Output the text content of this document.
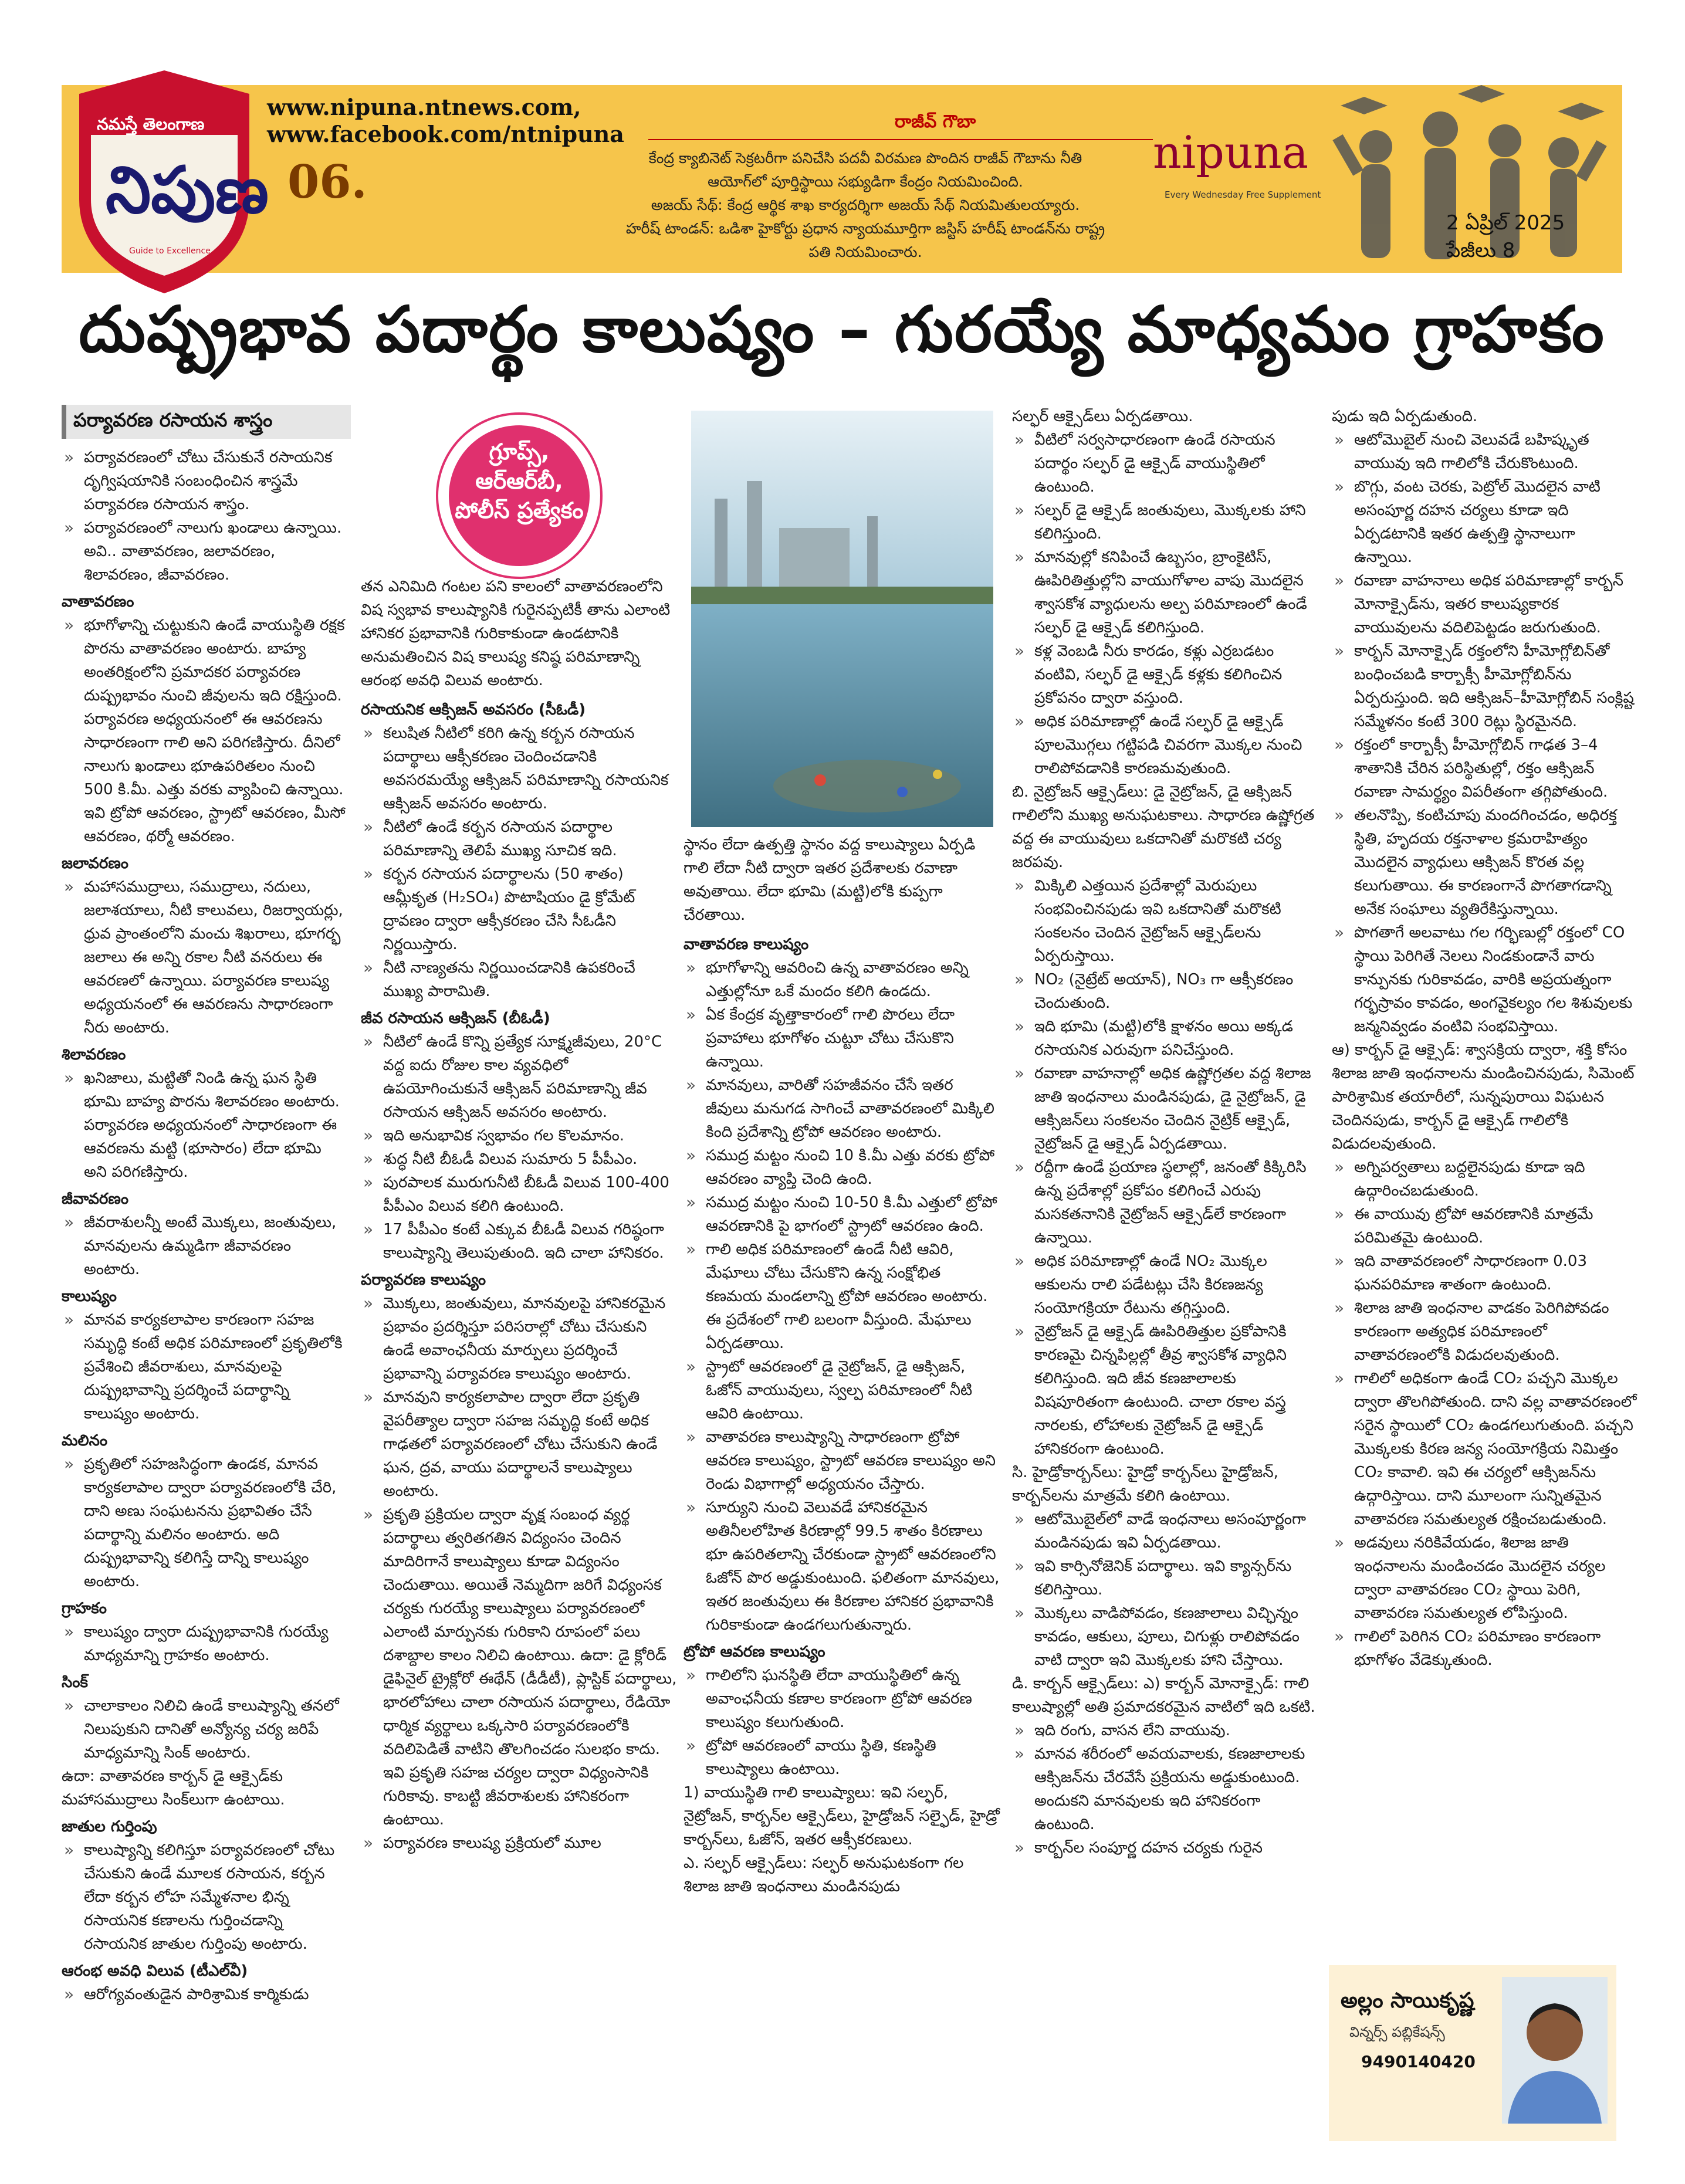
నమస్తే తెలంగాణ
నిపుణ
Guide to Excellence
06.
www.nipuna.ntnews.com,
www.facebook.com/ntnipuna	రాజీవ్ గౌబా
కేంద్ర క్యాబినెట్ సెక్రటరీగా పనిచేసి పదవీ విరమణ పొందిన రాజీవ్ గౌబాను నీతి
ఆయోగ్‌లో పూర్తిస్థాయి సభ్యుడిగా కేంద్రం నియమించింది.
అజయ్ సేథ్: కేంద్ర ఆర్థిక శాఖ కార్యదర్శిగా అజయ్ సేథ్ నియమితులయ్యారు.
హరీష్ టాండన్: ఒడిశా హైకోర్టు ప్రధాన న్యాయమూర్తిగా జస్టిస్ హరీష్ టాండన్‌ను రాష్ట్ర
పతి నియమించారు.
nipuna
Every Wednesday Free Supplement
2 ఏప్రిల్ 2025
పేజీలు 8
దుష్ప్రభావ పదార్థం కాలుష్యం – గురయ్యే మాధ్యమం గ్రాహకం
పర్యావరణ రసాయన శాస్త్రం
» పర్యావరణంలో చోటు చేసుకునే రసాయనిక దృగ్విషయానికి సంబంధించిన శాస్త్రమే పర్యావరణ రసాయన శాస్త్రం.
» పర్యావరణంలో నాలుగు ఖండాలు ఉన్నాయి. అవి.. వాతావరణం, జలావరణం, శిలావరణం, జీవావరణం.
వాతావరణం
» భూగోళాన్ని చుట్టుకుని ఉండే వాయుస్థితి రక్షక పొరను వాతావరణం అంటారు. బాహ్య అంతరిక్షంలోని ప్రమాదకర పర్యావరణ దుష్ప్రభావం నుంచి జీవులను ఇది రక్షిస్తుంది. పర్యావరణ అధ్యయనంలో ఈ ఆవరణను సాధారణంగా గాలి అని పరిగణిస్తారు. దీనిలో నాలుగు ఖండాలు భూఉపరితలం నుంచి 500 కి.మీ. ఎత్తు వరకు వ్యాపించి ఉన్నాయి. ఇవి ట్రోపో ఆవరణం, స్ట్రాటో ఆవరణం, మీసో ఆవరణం, థర్మో ఆవరణం.
జలావరణం
» మహాసముద్రాలు, సముద్రాలు, నదులు, జలాశయాలు, నీటి కాలువలు, రిజర్వాయర్లు, ధ్రువ ప్రాంతంలోని మంచు శిఖరాలు, భూగర్భ జలాలు ఈ అన్ని రకాల నీటి వనరులు ఈ ఆవరణలో ఉన్నాయి. పర్యావరణ కాలుష్య అధ్యయనంలో ఈ ఆవరణను సాధారణంగా నీరు అంటారు.
శిలావరణం
» ఖనిజాలు, మట్టితో నిండి ఉన్న ఘన స్థితి భూమి బాహ్య పొరను శిలావరణం అంటారు. పర్యావరణ అధ్యయనంలో సాధారణంగా ఈ ఆవరణను మట్టి (భూసారం) లేదా భూమి అని పరిగణిస్తారు.
జీవావరణం
» జీవరాశులన్నీ అంటే మొక్కలు, జంతువులు, మానవులను ఉమ్మడిగా జీవావరణం అంటారు.
కాలుష్యం
» మానవ కార్యకలాపాల కారణంగా సహజ సమృద్ధి కంటే అధిక పరిమాణంలో ప్రకృతిలోకి ప్రవేశించి జీవరాశులు, మానవులపై దుష్ప్రభావాన్ని ప్రదర్శించే పదార్థాన్ని కాలుష్యం అంటారు.
మలినం
» ప్రకృతిలో సహజసిద్ధంగా ఉండక, మానవ కార్యకలాపాల ద్వారా పర్యావరణంలోకి చేరి, దాని అణు సంఘటనను ప్రభావితం చేసే పదార్థాన్ని మలినం అంటారు. అది దుష్ప్రభావాన్ని కలిగిస్తే దాన్ని కాలుష్యం అంటారు.
గ్రాహకం
» కాలుష్యం ద్వారా దుష్ప్రభావానికి గురయ్యే మాధ్యమాన్ని గ్రాహకం అంటారు.
సింక్
» చాలాకాలం నిలిచి ఉండే కాలుష్యాన్ని తనలో నిలుపుకుని దానితో అన్యోన్య చర్య జరిపే మాధ్యమాన్ని సింక్ అంటారు.
ఉదా: వాతావరణ కార్బన్ డై ఆక్సైడ్‌కు మహాసముద్రాలు సింక్‌లుగా ఉంటాయి.
జాతుల గుర్తింపు
» కాలుష్యాన్ని కలిగిస్తూ పర్యావరణంలో చోటు చేసుకుని ఉండే మూలక రసాయన, కర్బన లేదా కర్బన లోహ సమ్మేళనాల భిన్న రసాయనిక కణాలను గుర్తించడాన్ని రసాయనిక జాతుల గుర్తింపు అంటారు.
ఆరంభ అవధి విలువ (టీఎల్‌వీ)
» ఆరోగ్యవంతుడైన పారిశ్రామిక కార్మికుడు
గ్రూప్స్, ఆర్‌ఆర్‌బీ, పోలీస్ ప్రత్యేకం
తన ఎనిమిది గంటల పని కాలంలో వాతావరణంలోని విష స్వభావ కాలుష్యానికి గురైనప్పటికీ తాను ఎలాంటి హానికర ప్రభావానికి గురికాకుండా ఉండటానికి అనుమతించిన విష కాలుష్య కనిష్ఠ పరిమాణాన్ని ఆరంభ అవధి విలువ అంటారు.
రసాయనిక ఆక్సిజన్ అవసరం (సీఓడీ)
» కలుషిత నీటిలో కరిగి ఉన్న కర్బన రసాయన పదార్థాలు ఆక్సీకరణం చెందించడానికి అవసరమయ్యే ఆక్సిజన్ పరిమాణాన్ని రసాయనిక ఆక్సిజన్ అవసరం అంటారు.
» నీటిలో ఉండే కర్బన రసాయన పదార్థాల పరిమాణాన్ని తెలిపే ముఖ్య సూచిక ఇది.
» కర్బన రసాయన పదార్థాలను (50 శాతం) ఆమ్లీకృత (H₂SO₄) పొటాషియం డై క్రోమేట్ ద్రావణం ద్వారా ఆక్సీకరణం చేసి సీఓడీని నిర్ణయిస్తారు.
» నీటి నాణ్యతను నిర్ణయించడానికి ఉపకరించే ముఖ్య పారామితి.
జీవ రసాయన ఆక్సిజన్ (బీఓడీ)
» నీటిలో ఉండే కొన్ని ప్రత్యేక సూక్ష్మజీవులు, 20°C వద్ద ఐదు రోజుల కాల వ్యవధిలో ఉపయోగించుకునే ఆక్సిజన్ పరిమాణాన్ని జీవ రసాయన ఆక్సిజన్ అవసరం అంటారు.
» ఇది అనుభావిక స్వభావం గల కొలమానం.
» శుద్ధ నీటి బీఓడీ విలువ సుమారు 5 పీపీఎం.
» పురపాలక మురుగునీటి బీఓడీ విలువ 100-400 పీపీఎం విలువ కలిగి ఉంటుంది.
» 17 పీపీఎం కంటే ఎక్కువ బీఓడీ విలువ గరిష్ఠంగా కాలుష్యాన్ని తెలుపుతుంది. ఇది చాలా హానికరం.
పర్యావరణ కాలుష్యం
» మొక్కలు, జంతువులు, మానవులపై హానికరమైన ప్రభావం ప్రదర్శిస్తూ పరిసరాల్లో చోటు చేసుకుని ఉండే అవాంఛనీయ మార్పులు ప్రదర్శించే ప్రభావాన్ని పర్యావరణ కాలుష్యం అంటారు.
» మానవుని కార్యకలాపాల ద్వారా లేదా ప్రకృతి వైపరీత్యాల ద్వారా సహజ సమృద్ధి కంటే అధిక గాఢతలో పర్యావరణంలో చోటు చేసుకుని ఉండే ఘన, ద్రవ, వాయు పదార్థాలనే కాలుష్యాలు అంటారు.
» ప్రకృతి ప్రక్రియల ద్వారా వృక్ష సంబంధ వ్యర్థ పదార్థాలు త్వరితగతిన విద్యంసం చెందిన మాదిరిగానే కాలుష్యాలు కూడా విద్యంసం చెందుతాయి. అయితే నెమ్మదిగా జరిగే విధ్యంసక చర్యకు గురయ్యే కాలుష్యాలు పర్యావరణంలో ఎలాంటి మార్పునకు గురికాని రూపంలో పలు దశాబ్దాల కాలం నిలిచి ఉంటాయి. ఉదా: డై క్లోరిడ్ డైఫినైల్ ట్రైక్లోరో ఈథేన్ (డీడీటీ), ప్లాస్టిక్ పదార్థాలు, భారలోహాలు చాలా రసాయన పదార్థాలు, రేడియో ధార్మిక వ్యర్థాలు ఒక్కసారి పర్యావరణంలోకి వదిలిపెడితే వాటిని తొలగించడం సులభం కాదు. ఇవి ప్రకృతి సహజ చర్యల ద్వారా విధ్యంసానికి గురికావు. కాబట్టి జీవరాశులకు హానికరంగా ఉంటాయి.
» పర్యావరణ కాలుష్య ప్రక్రియలో మూల
స్థానం లేదా ఉత్పత్తి స్థానం వద్ద కాలుష్యాలు ఏర్పడి గాలి లేదా నీటి ద్వారా ఇతర ప్రదేశాలకు రవాణా అవుతాయి. లేదా భూమి (మట్టి)లోకి కుప్పగా చేరతాయి.
వాతావరణ కాలుష్యం
» భూగోళాన్ని ఆవరించి ఉన్న వాతావరణం అన్ని ఎత్తుల్లోనూ ఒకే మందం కలిగి ఉండదు.
» ఏక కేంద్రక వృత్తాకారంలో గాలి పొరలు లేదా ప్రవాహాలు భూగోళం చుట్టూ చోటు చేసుకొని ఉన్నాయి.
» మానవులు, వారితో సహజీవనం చేసే ఇతర జీవులు మనుగడ సాగించే వాతావరణంలో మిక్కిలి కింది ప్రదేశాన్ని ట్రోపో ఆవరణం అంటారు.
» సముద్ర మట్టం నుంచి 10 కి.మీ ఎత్తు వరకు ట్రోపో ఆవరణం వ్యాప్తి చెంది ఉంది.
» సముద్ర మట్టం నుంచి 10-50 కి.మీ ఎత్తులో ట్రోపో ఆవరణానికి పై భాగంలో స్ట్రాటో ఆవరణం ఉంది.
» గాలి అధిక పరిమాణంలో ఉండే నీటి ఆవిరి, మేఘాలు చోటు చేసుకొని ఉన్న సంక్షోభిత కణమయ మండలాన్ని ట్రోపో ఆవరణం అంటారు. ఈ ప్రదేశంలో గాలి బలంగా వీస్తుంది. మేఘాలు ఏర్పడతాయి.
» స్ట్రాటో ఆవరణంలో డై నైట్రోజన్, డై ఆక్సిజన్, ఓజోన్ వాయువులు, స్వల్ప పరిమాణంలో నీటి ఆవిరి ఉంటాయి.
» వాతావరణ కాలుష్యాన్ని సాధారణంగా ట్రోపో ఆవరణ కాలుష్యం, స్ట్రాటో ఆవరణ కాలుష్యం అని రెండు విభాగాల్లో అధ్యయనం చేస్తారు.
» సూర్యుని నుంచి వెలువడే హానికరమైన అతినీలలోహిత కిరణాల్లో 99.5 శాతం కిరణాలు భూ ఉపరితలాన్ని చేరకుండా స్ట్రాటో ఆవరణంలోని ఓజోన్ పొర అడ్డుకుంటుంది. ఫలితంగా మానవులు, ఇతర జంతువులు ఈ కిరణాల హానికర ప్రభావానికి గురికాకుండా ఉండగలుగుతున్నారు.
ట్రోపో ఆవరణ కాలుష్యం
» గాలిలోని ఘనస్థితి లేదా వాయుస్థితిలో ఉన్న అవాంఛనీయ కణాల కారణంగా ట్రోపో ఆవరణ కాలుష్యం కలుగుతుంది.
» ట్రోపో ఆవరణంలో వాయు స్థితి, కణస్థితి కాలుష్యాలు ఉంటాయి.
1) వాయుస్థితి గాలి కాలుష్యాలు: ఇవి సల్ఫర్, నైట్రోజన్, కార్బన్‌ల ఆక్సైడ్‌లు, హైడ్రోజన్ సల్ఫైడ్, హైడ్రో కార్బన్‌లు, ఓజోన్, ఇతర ఆక్సీకరణులు.
ఎ. సల్ఫర్ ఆక్సైడ్‌లు: సల్ఫర్ అనుఘటకంగా గల శిలాజ జాతి ఇంధనాలు మండినపుడు
సల్ఫర్ ఆక్సైడ్‌లు ఏర్పడతాయి.
» వీటిలో సర్వసాధారణంగా ఉండే రసాయన పదార్థం సల్ఫర్ డై ఆక్సైడ్ వాయుస్థితిలో ఉంటుంది.
» సల్ఫర్ డై ఆక్సైడ్ జంతువులు, మొక్కలకు హాని కలిగిస్తుంది.
» మానవుల్లో కనిపించే ఉబ్బసం, బ్రాంకైటిస్, ఊపిరితిత్తుల్లోని వాయుగోళాల వాపు మొదలైన శ్వాసకోశ వ్యాధులను అల్ప పరిమాణంలో ఉండే సల్ఫర్ డై ఆక్సైడ్ కలిగిస్తుంది.
» కళ్ల వెంబడి నీరు కారడం, కళ్లు ఎర్రబడటం వంటివి, సల్ఫర్ డై ఆక్సైడ్ కళ్లకు కలిగించిన ప్రకోపనం ద్వారా వస్తుంది.
» అధిక పరిమాణాల్లో ఉండే సల్ఫర్ డై ఆక్సైడ్ పూలమొగ్గలు గట్టిపడి చివరగా మొక్కల నుంచి రాలిపోవడానికి కారణమవుతుంది.
బి. నైట్రోజన్ ఆక్సైడ్‌లు: డై నైట్రోజన్, డై ఆక్సిజన్ గాలిలోని ముఖ్య అనుఘటకాలు. సాధారణ ఉష్ణోగ్రత వద్ద ఈ వాయువులు ఒకదానితో మరొకటి చర్య జరపవు.
» మిక్కిలి ఎత్తయిన ప్రదేశాల్లో మెరుపులు సంభవించినపుడు ఇవి ఒకదానితో మరొకటి సంకలనం చెందిన నైట్రోజన్ ఆక్సైడ్‌లను ఏర్పరుస్తాయి.
» NO₂ (నైట్రేట్ అయాన్), NO₃ గా ఆక్సీకరణం చెందుతుంది.
» ఇది భూమి (మట్టి)లోకి క్షాళనం అయి అక్కడ రసాయనిక ఎరువుగా పనిచేస్తుంది.
» రవాణా వాహనాల్లో అధిక ఉష్ణోగ్రతల వద్ద శిలాజ జాతి ఇంధనాలు మండినపుడు, డై నైట్రోజన్, డై ఆక్సిజన్‌లు సంకలనం చెందిన నైట్రిక్ ఆక్సైడ్, నైట్రోజన్ డై ఆక్సైడ్ ఏర్పడతాయి.
» రద్దీగా ఉండే ప్రయాణ స్థలాల్లో, జనంతో కిక్కిరిసి ఉన్న ప్రదేశాల్లో ప్రకోపం కలిగించే ఎరుపు మసకతనానికి నైట్రోజన్ ఆక్సైడ్‌లే కారణంగా ఉన్నాయి.
» అధిక పరిమాణాల్లో ఉండే NO₂ మొక్కల ఆకులను రాలి పడేటట్లు చేసి కిరణజన్య సంయోగక్రియా రేటును తగ్గిస్తుంది.
» నైట్రోజన్ డై ఆక్సైడ్ ఊపిరితిత్తుల ప్రకోపానికి కారణమై చిన్నపిల్లల్లో తీవ్ర శ్వాసకోశ వ్యాధిని కలిగిస్తుంది. ఇది జీవ కణజాలాలకు విషపూరితంగా ఉంటుంది. చాలా రకాల వస్త్ర నారలకు, లోహాలకు నైట్రోజన్ డై ఆక్సైడ్ హానికరంగా ఉంటుంది.
సి. హైడ్రోకార్బన్‌లు: హైడ్రో కార్బన్‌లు హైడ్రోజన్, కార్బన్‌లను మాత్రమే కలిగి ఉంటాయి.
» ఆటోమొబైల్‌లో వాడే ఇంధనాలు అసంపూర్ణంగా మండినపుడు ఇవి ఏర్పడతాయి.
» ఇవి కార్సినోజెనిక్ పదార్థాలు. ఇవి క్యాన్సర్‌ను కలిగిస్తాయి.
» మొక్కలు వాడిపోవడం, కణజాలాలు విచ్ఛిన్నం కావడం, ఆకులు, పూలు, చిగుళ్లు రాలిపోవడం వాటి ద్వారా ఇవి మొక్కలకు హాని చేస్తాయి.
డి. కార్బన్ ఆక్సైడ్‌లు: ఎ) కార్బన్ మోనాక్సైడ్: గాలి కాలుష్యాల్లో అతి ప్రమాదకరమైన వాటిలో ఇది ఒకటి.
» ఇది రంగు, వాసన లేని వాయువు.
» మానవ శరీరంలో అవయవాలకు, కణజాలాలకు ఆక్సిజన్‌ను చేరవేసే ప్రక్రియను అడ్డుకుంటుంది. అందుకని మానవులకు ఇది హానికరంగా ఉంటుంది.
» కార్బన్‌ల సంపూర్ణ దహన చర్యకు గురైన
పుడు ఇది ఏర్పడుతుంది.
» ఆటోమొబైల్ నుంచి వెలువడే బహిష్కృత వాయువు ఇది గాలిలోకి చేరుకొంటుంది.
» బొగ్గు, వంట చెరకు, పెట్రోల్ మొదలైన వాటి అసంపూర్ణ దహన చర్యలు కూడా ఇది ఏర్పడటానికి ఇతర ఉత్పత్తి స్థానాలుగా ఉన్నాయి.
» రవాణా వాహనాలు అధిక పరిమాణాల్లో కార్బన్ మోనాక్సైడ్‌ను, ఇతర కాలుష్యకారక వాయువులను వదిలిపెట్టడం జరుగుతుంది.
» కార్బన్ మోనాక్సైడ్ రక్తంలోని హీమోగ్లోబిన్‌తో బంధించబడి కార్బాక్సీ హీమోగ్లోబిన్‌ను ఏర్పరుస్తుంది. ఇది ఆక్సిజన్–హీమోగ్లోబిన్ సంక్లిష్ట సమ్మేళనం కంటే 300 రెట్లు స్థిరమైనది.
» రక్తంలో కార్బాక్సీ హీమోగ్లోబిన్ గాఢత 3–4 శాతానికి చేరిన పరిస్థితుల్లో, రక్తం ఆక్సిజన్ రవాణా సామర్థ్యం విపరీతంగా తగ్గిపోతుంది.
» తలనొప్పి, కంటిచూపు మందగించడం, అధిరక్త స్థితి, హృదయ రక్తనాళాల క్రమరాహిత్యం మొదలైన వ్యాధులు ఆక్సిజన్ కొరత వల్ల కలుగుతాయి. ఈ కారణంగానే పొగతాగడాన్ని అనేక సంఘాలు వ్యతిరేకిస్తున్నాయి.
» పొగతాగే అలవాటు గల గర్భిణుల్లో రక్తంలో CO స్థాయి పెరిగితే నెలలు నిండకుండానే వారు కాన్పునకు గురికావడం, వారికి అప్రయత్నంగా గర్భస్రావం కావడం, అంగవైకల్యం గల శిశువులకు జన్మనివ్వడం వంటివి సంభవిస్తాయి.
ఆ) కార్బన్ డై ఆక్సైడ్: శ్వాసక్రియ ద్వారా, శక్తి కోసం శిలాజ జాతి ఇంధనాలను మండించినపుడు, సిమెంట్ పారిశ్రామిక తయారీలో, సున్నపురాయి విఘటన చెందినపుడు, కార్బన్ డై ఆక్సైడ్ గాలిలోకి విడుదలవుతుంది.
» అగ్నిపర్వతాలు బద్దలైనపుడు కూడా ఇది ఉద్గారించబడుతుంది.
» ఈ వాయువు ట్రోపో ఆవరణానికి మాత్రమే పరిమితమై ఉంటుంది.
» ఇది వాతావరణంలో సాధారణంగా 0.03 ఘనపరిమాణ శాతంగా ఉంటుంది.
» శిలాజ జాతి ఇంధనాల వాడకం పెరిగిపోవడం కారణంగా అత్యధిక పరిమాణంలో వాతావరణంలోకి విడుదలవుతుంది.
» గాలిలో అధికంగా ఉండే CO₂ పచ్చని మొక్కల ద్వారా తొలగిపోతుంది. దాని వల్ల వాతావరణంలో సరైన స్థాయిలో CO₂ ఉండగలుగుతుంది. పచ్చని మొక్కలకు కిరణ జన్య సంయోగక్రియ నిమిత్తం CO₂ కావాలి. ఇవి ఈ చర్యలో ఆక్సిజన్‌ను ఉద్గారిస్తాయి. దాని మూలంగా సున్నితమైన వాతావరణ సమతుల్యత రక్షించబడుతుంది.
» అడవులు నరికివేయడం, శిలాజ జాతి ఇంధనాలను మండించడం మొదలైన చర్యల ద్వారా వాతావరణం CO₂ స్థాయి పెరిగి, వాతావరణ సమతుల్యత లోపిస్తుంది.
» గాలిలో పెరిగిన CO₂ పరిమాణం కారణంగా భూగోళం వేడెక్కుతుంది.
అల్లం సాయికృష్ణ
విన్నర్స్ పబ్లికేషన్స్
9490140420
